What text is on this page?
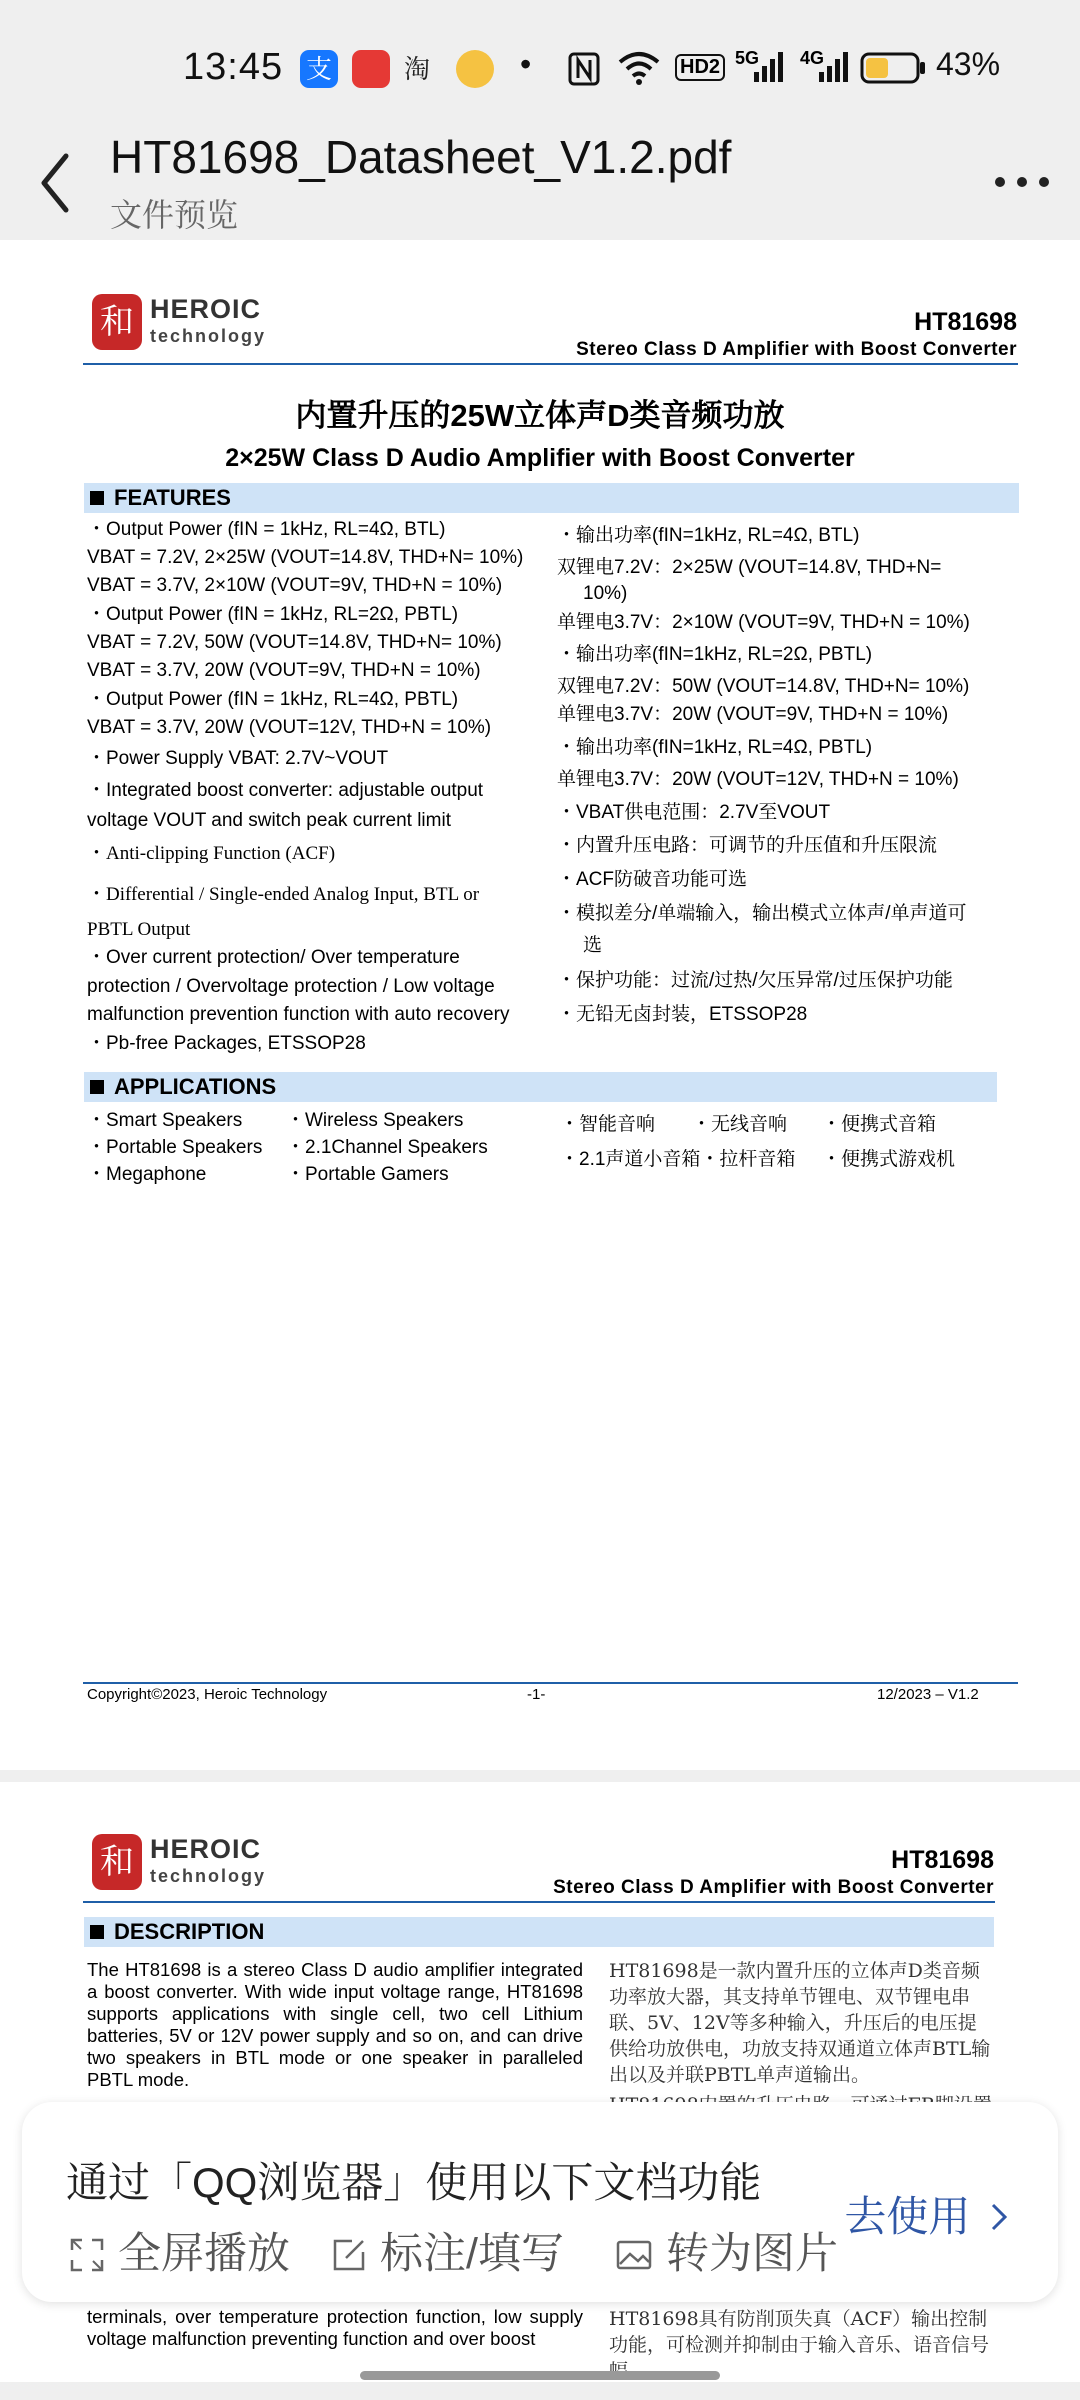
13:45 支	淘	•	HD2 5G 4G	43%
HT81698_Datasheet_V1.2.pdf
文件预览
和 HEROIC
technology	HT81698
Stereo Class D Amplifier with Boost Converter
内置升压的25W立体声D类音频功放
2×25W Class D Audio Amplifier with Boost Converter
FEATURES
・Output Power (fIN = 1kHz, RL=4Ω, BTL)
VBAT = 7.2V, 2×25W (VOUT=14.8V, THD+N= 10%)
VBAT = 3.7V, 2×10W (VOUT=9V, THD+N = 10%)
・Output Power (fIN = 1kHz, RL=2Ω, PBTL)
VBAT = 7.2V, 50W (VOUT=14.8V, THD+N= 10%)
VBAT = 3.7V, 20W (VOUT=9V, THD+N = 10%)
・Output Power (fIN = 1kHz, RL=4Ω, PBTL)
VBAT = 3.7V, 20W (VOUT=12V, THD+N = 10%)
・Power Supply VBAT: 2.7V~VOUT
・Integrated boost converter: adjustable output
voltage VOUT and switch peak current limit
・Anti-clipping Function (ACF)
・Differential / Single-ended Analog Input, BTL or
PBTL Output
・Over current protection/ Over temperature
protection / Overvoltage protection / Low voltage
malfunction prevention function with auto recovery
・Pb-free Packages, ETSSOP28
・输出功率(fIN=1kHz, RL=4Ω, BTL)
双锂电7.2V：2×25W (VOUT=14.8V, THD+N=
10%)
单锂电3.7V：2×10W (VOUT=9V, THD+N = 10%)
・输出功率(fIN=1kHz, RL=2Ω, PBTL)
双锂电7.2V：50W (VOUT=14.8V, THD+N= 10%)
单锂电3.7V：20W (VOUT=9V, THD+N = 10%)
・输出功率(fIN=1kHz, RL=4Ω, PBTL)
单锂电3.7V：20W (VOUT=12V, THD+N = 10%)
・VBAT供电范围：2.7V至VOUT
・内置升压电路：可调节的升压值和升压限流
・ACF防破音功能可选
・模拟差分/单端输入，输出模式立体声/单声道可
选
・保护功能：过流/过热/欠压异常/过压保护功能
・无铅无卤封装，ETSSOP28
APPLICATIONS
・Smart Speakers
・Portable Speakers
・Megaphone
・Wireless Speakers
・2.1Channel Speakers
・Portable Gamers
・智能音响 ・无线音响 ・便携式音箱
・2.1声道小音箱・拉杆音箱 ・便携式游戏机
Copyright©2023, Heroic Technology	-1-	12/2023 – V1.2
和 HEROIC
technology
HT81698
Stereo Class D Amplifier with Boost Converter
DESCRIPTION
The HT81698 is a stereo Class D audio amplifier integrated a boost converter. With wide input voltage range, HT81698 supports applications with single cell, two cell Lithium batteries, 5V or 12V power supply and so on, and can drive two speakers in BTL mode or one speaker in paralleled PBTL mode.
HT81698是一款内置升压的立体声D类音频功率放大器，其支持单节锂电、双节锂电串联、5V、12V等多种输入，升压后的电压提供给功放供电，功放支持双通道立体声BTL输出以及并联PBTL单声道输出。
terminals, over temperature protection function, low supply voltage malfunction preventing function and over boost
HT81698具有防削顶失真（ACF）输出控制功能，可检测并抑制由于输入音乐、语音信号
通过「QQ浏览器」使用以下文档功能
全屏播放	标注/填写	转为图片
去使用
